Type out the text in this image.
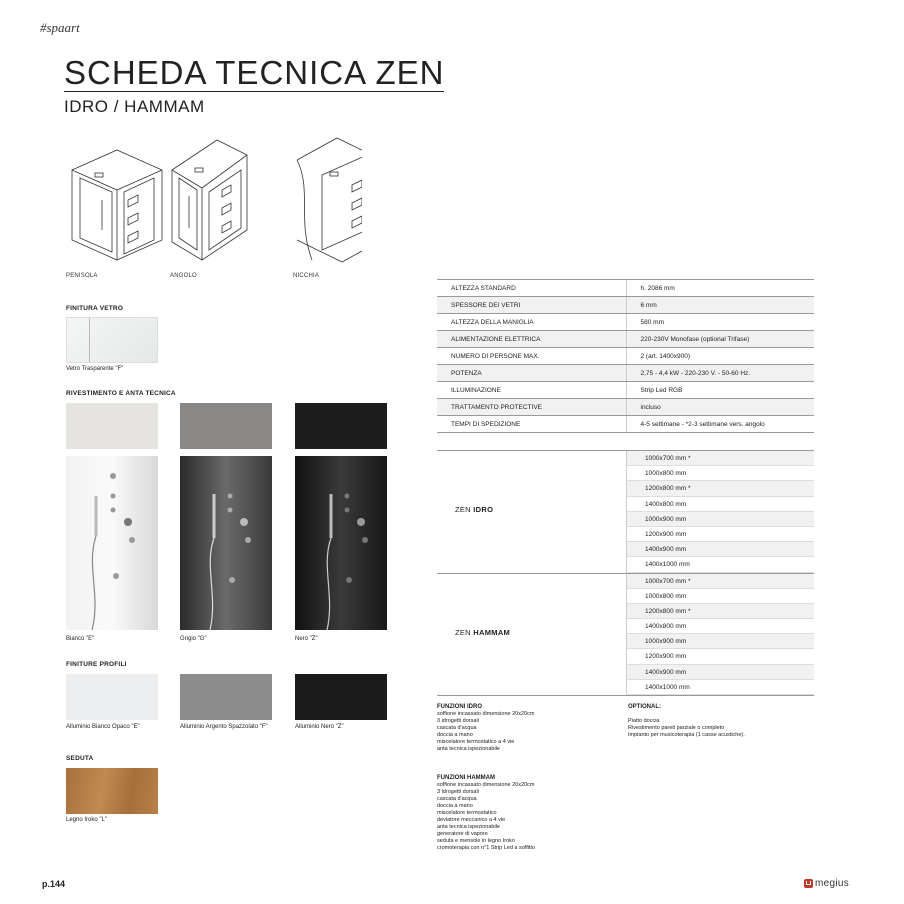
#spaart
SCHEDA TECNICA ZEN
IDRO / HAMMAM
PENISOLA	ANGOLO	NICCHIA
FINITURA VETRO
Vetro Trasparente "F"
RIVESTIMENTO E ANTA TECNICA
Bianco "E"	Grigio "G"	Nero "Z"
FINITURE PROFILI
Alluminio Bianco Opaco "E"	Alluminio Argento Spazzolato "F"	Alluminio Nero "Z"
SEDUTA
Legno Iroko "L"
ALTEZZA STANDARD	h. 2086 mm
SPESSORE DEI VETRI	6 mm
ALTEZZA DELLA MANIGLIA	580 mm
ALIMENTAZIONE ELETTRICA	220-230V Monofase (optional Trifase)
NUMERO DI PERSONE MAX.	2 (art. 1400x900)
POTENZA	2,75 - 4,4 kW - 220-230 V. - 50-60 Hz.
ILLUMINAZIONE	Strip Led RGB
TRATTAMENTO PROTECTIVE	incluso
TEMPI DI SPEDIZIONE	4-5 settimane - *2-3 settimane vers. angolo
ZEN IDRO
1000x700 mm *
1000x800 mm
1200x800 mm *
1400x800 mm
1000x900 mm
1200x900 mm
1400x900 mm
1400x1000 mm
ZEN HAMMAM
1000x700 mm *
1000x800 mm
1200x800 mm *
1400x800 mm
1000x900 mm
1200x900 mm
1400x900 mm
1400x1000 mm
FUNZIONI IDRO
soffione incassato dimensione 20x20cm
3 idrogetti dorsali
cascata d'acqua
doccia a mano
miscelatore termostatico a 4 vie
anta tecnica ispezionabile
OPTIONAL:
Piatto doccia
Rivestimento pareti parziale o completo
Impianto per musicoterapia (1 casse acustiche).
FUNZIONI HAMMAM
soffione incassato dimensione 20x20cm
3 idrogetti dorsali
cascata d'acqua
doccia a mano
miscelatore termostatico
deviatore meccanico a 4 vie
anta tecnica ispezionabile
generatore di vapore
seduta e mensole in legno Iroko
cromoterapia con n°1 Strip Led a soffitto
p.144	megius
